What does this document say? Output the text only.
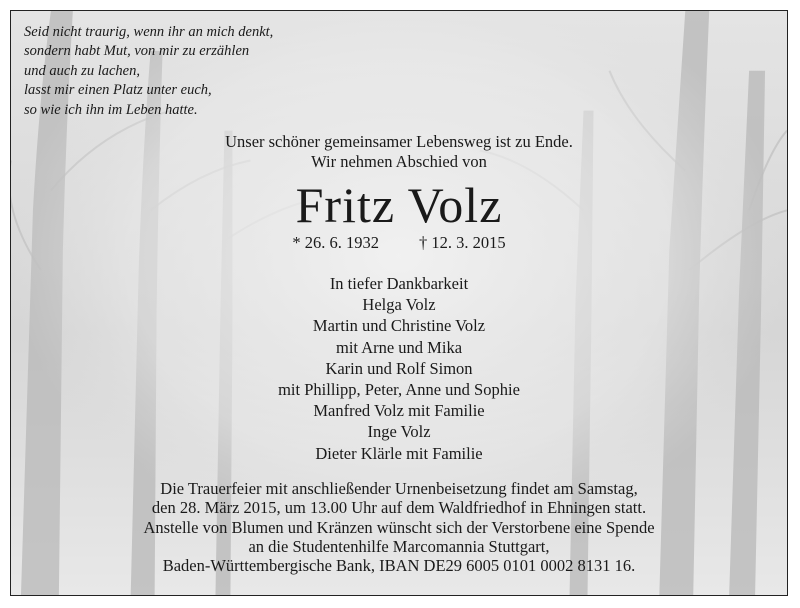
Seid nicht traurig, wenn ihr an mich denkt,
sondern habt Mut, von mir zu erzählen
und auch zu lachen,
lasst mir einen Platz unter euch,
so wie ich ihn im Leben hatte.
Unser schöner gemeinsamer Lebensweg ist zu Ende.
Wir nehmen Abschied von
Fritz Volz
* 26. 6. 1932 † 12. 3. 2015
In tiefer Dankbarkeit
Helga Volz
Martin und Christine Volz
mit Arne und Mika
Karin und Rolf Simon
mit Phillipp, Peter, Anne und Sophie
Manfred Volz mit Familie
Inge Volz
Dieter Klärle mit Familie
Die Trauerfeier mit anschließender Urnenbeisetzung findet am Samstag,
den 28. März 2015, um 13.00 Uhr auf dem Waldfriedhof in Ehningen statt.
Anstelle von Blumen und Kränzen wünscht sich der Verstorbene eine Spende
an die Studentenhilfe Marcomannia Stuttgart,
Baden-Württembergische Bank, IBAN DE29 6005 0101 0002 8131 16.
